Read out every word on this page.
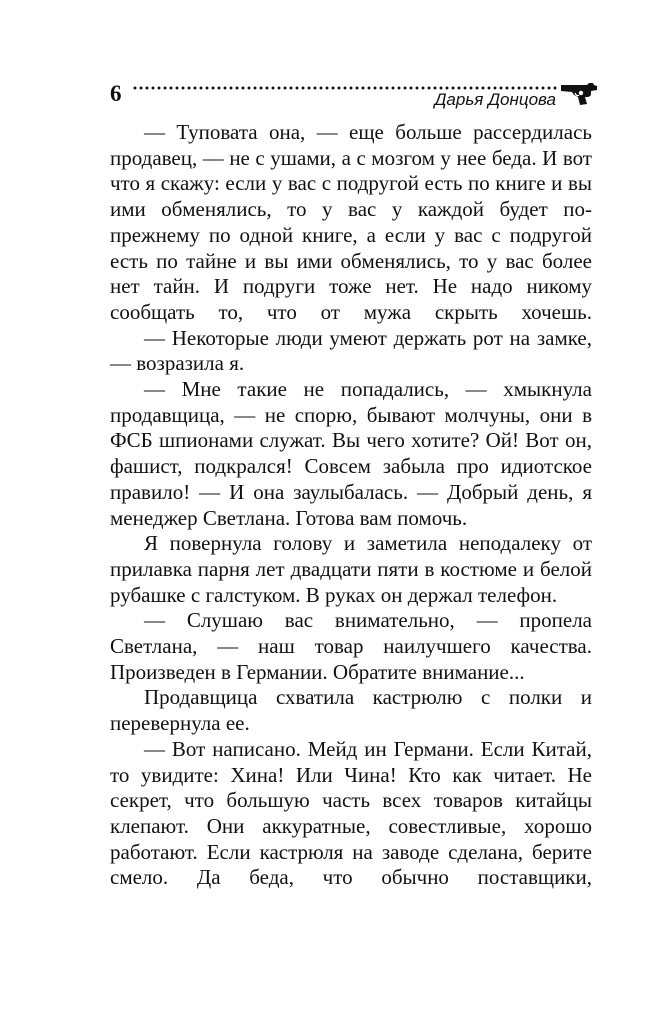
6	Дарья Донцова

— Туповата она, — еще больше рассердилась продавец, — не с ушами, а с мозгом у нее беда. И вот что я скажу: если у вас с подругой есть по книге и вы ими обменялись, то у вас у каждой будет по-прежнему по одной книге, а если у вас с подругой есть по тайне и вы ими обменялись, то у вас более нет тайн. И подруги тоже нет. Не надо никому сообщать то, что от мужа скрыть хочешь.

— Некоторые люди умеют держать рот на замке, — возразила я.

— Мне такие не попадались, — хмыкнула продавщица, — не спорю, бывают молчуны, они в ФСБ шпионами служат. Вы чего хотите? Ой! Вот он, фашист, подкрался! Совсем забыла про идиотское правило! — И она заулыбалась. — Добрый день, я менеджер Светлана. Готова вам помочь.

Я повернула голову и заметила неподалеку от прилавка парня лет двадцати пяти в костюме и белой рубашке с галстуком. В руках он держал телефон.

— Слушаю вас внимательно, — пропела Светлана, — наш товар наилучшего качества. Произведен в Германии. Обратите внимание...

Продавщица схватила кастрюлю с полки и перевернула ее.

— Вот написано. Мейд ин Германи. Если Китай, то увидите: Хина! Или Чина! Кто как читает. Не секрет, что большую часть всех товаров китайцы клепают. Они аккуратные, совестливые, хорошо работают. Если кастрюля на заводе сделана, берите смело. Да беда, что обычно поставщики,
